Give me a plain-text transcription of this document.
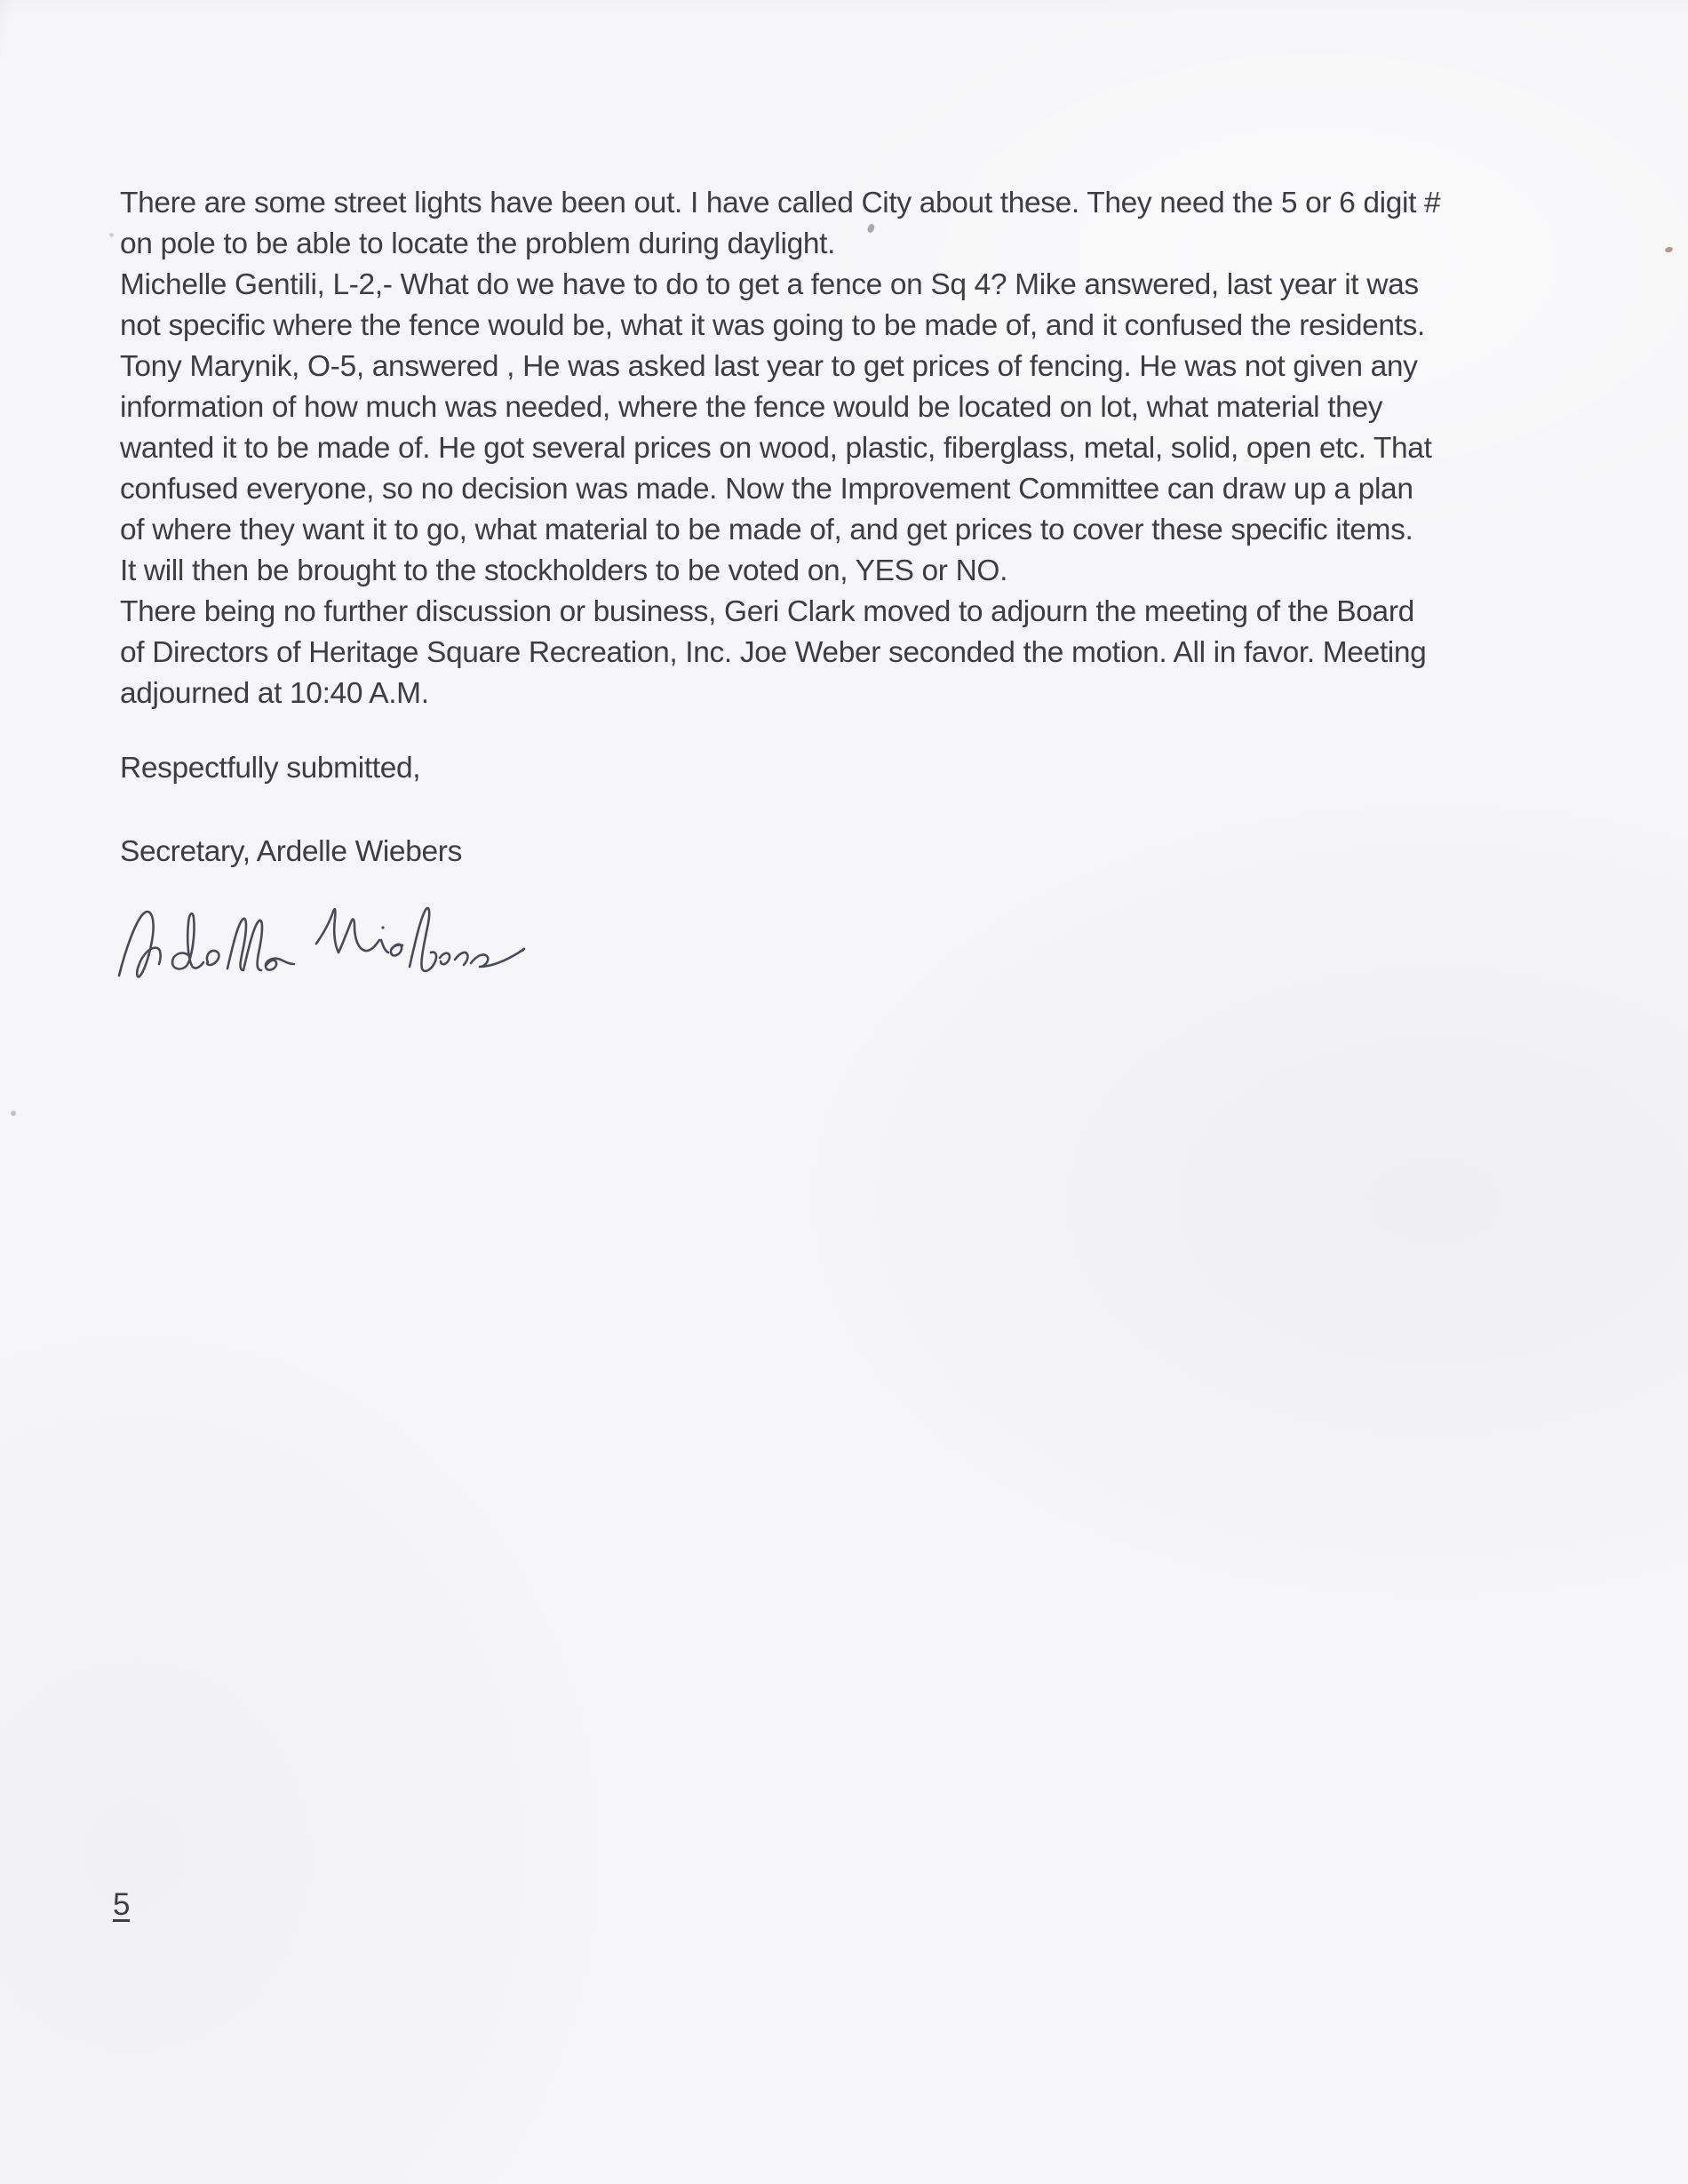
There are some street lights have been out. I have called City about these. They need the 5 or 6 digit #
on pole to be able to locate the problem during daylight.
Michelle Gentili, L-2,- What do we have to do to get a fence on Sq 4? Mike answered, last year it was
not specific where the fence would be, what it was going to be made of, and it confused the residents.
Tony Marynik, O-5, answered , He was asked last year to get prices of fencing. He was not given any
information of how much was needed, where the fence would be located on lot, what material they
wanted it to be made of. He got several prices on wood, plastic, fiberglass, metal, solid, open etc. That
confused everyone, so no decision was made. Now the Improvement Committee can draw up a plan
of where they want it to go, what material to be made of, and get prices to cover these specific items.
It will then be brought to the stockholders to be voted on, YES or NO.
There being no further discussion or business, Geri Clark moved to adjourn the meeting of the Board
of Directors of Heritage Square Recreation, Inc. Joe Weber seconded the motion. All in favor. Meeting
adjourned at 10:40 A.M.
Respectfully submitted,
Secretary, Ardelle Wiebers
5
